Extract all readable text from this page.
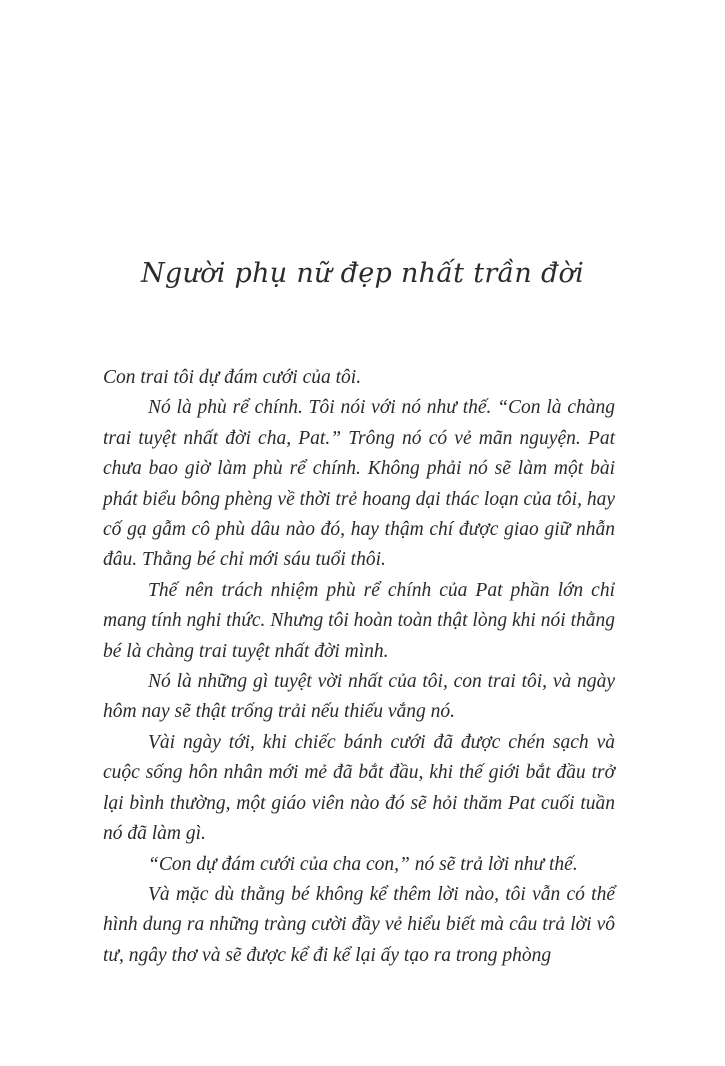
Người phụ nữ đẹp nhất trần đời

Con trai tôi dự đám cưới của tôi.

Nó là phù rể chính. Tôi nói với nó như thế. “Con là chàng trai tuyệt nhất đời cha, Pat.” Trông nó có vẻ mãn nguyện. Pat chưa bao giờ làm phù rể chính. Không phải nó sẽ làm một bài phát biểu bông phèng về thời trẻ hoang dại thác loạn của tôi, hay cố gạ gẫm cô phù dâu nào đó, hay thậm chí được giao giữ nhẫn đâu. Thằng bé chỉ mới sáu tuổi thôi.

Thế nên trách nhiệm phù rể chính của Pat phần lớn chỉ mang tính nghi thức. Nhưng tôi hoàn toàn thật lòng khi nói thằng bé là chàng trai tuyệt nhất đời mình.

Nó là những gì tuyệt vời nhất của tôi, con trai tôi, và ngày hôm nay sẽ thật trống trải nếu thiếu vắng nó.

Vài ngày tới, khi chiếc bánh cưới đã được chén sạch và cuộc sống hôn nhân mới mẻ đã bắt đầu, khi thế giới bắt đầu trở lại bình thường, một giáo viên nào đó sẽ hỏi thăm Pat cuối tuần nó đã làm gì.

“Con dự đám cưới của cha con,” nó sẽ trả lời như thế.

Và mặc dù thằng bé không kể thêm lời nào, tôi vẫn có thể hình dung ra những tràng cười đầy vẻ hiểu biết mà câu trả lời vô tư, ngây thơ và sẽ được kể đi kể lại ấy tạo ra trong phòng
